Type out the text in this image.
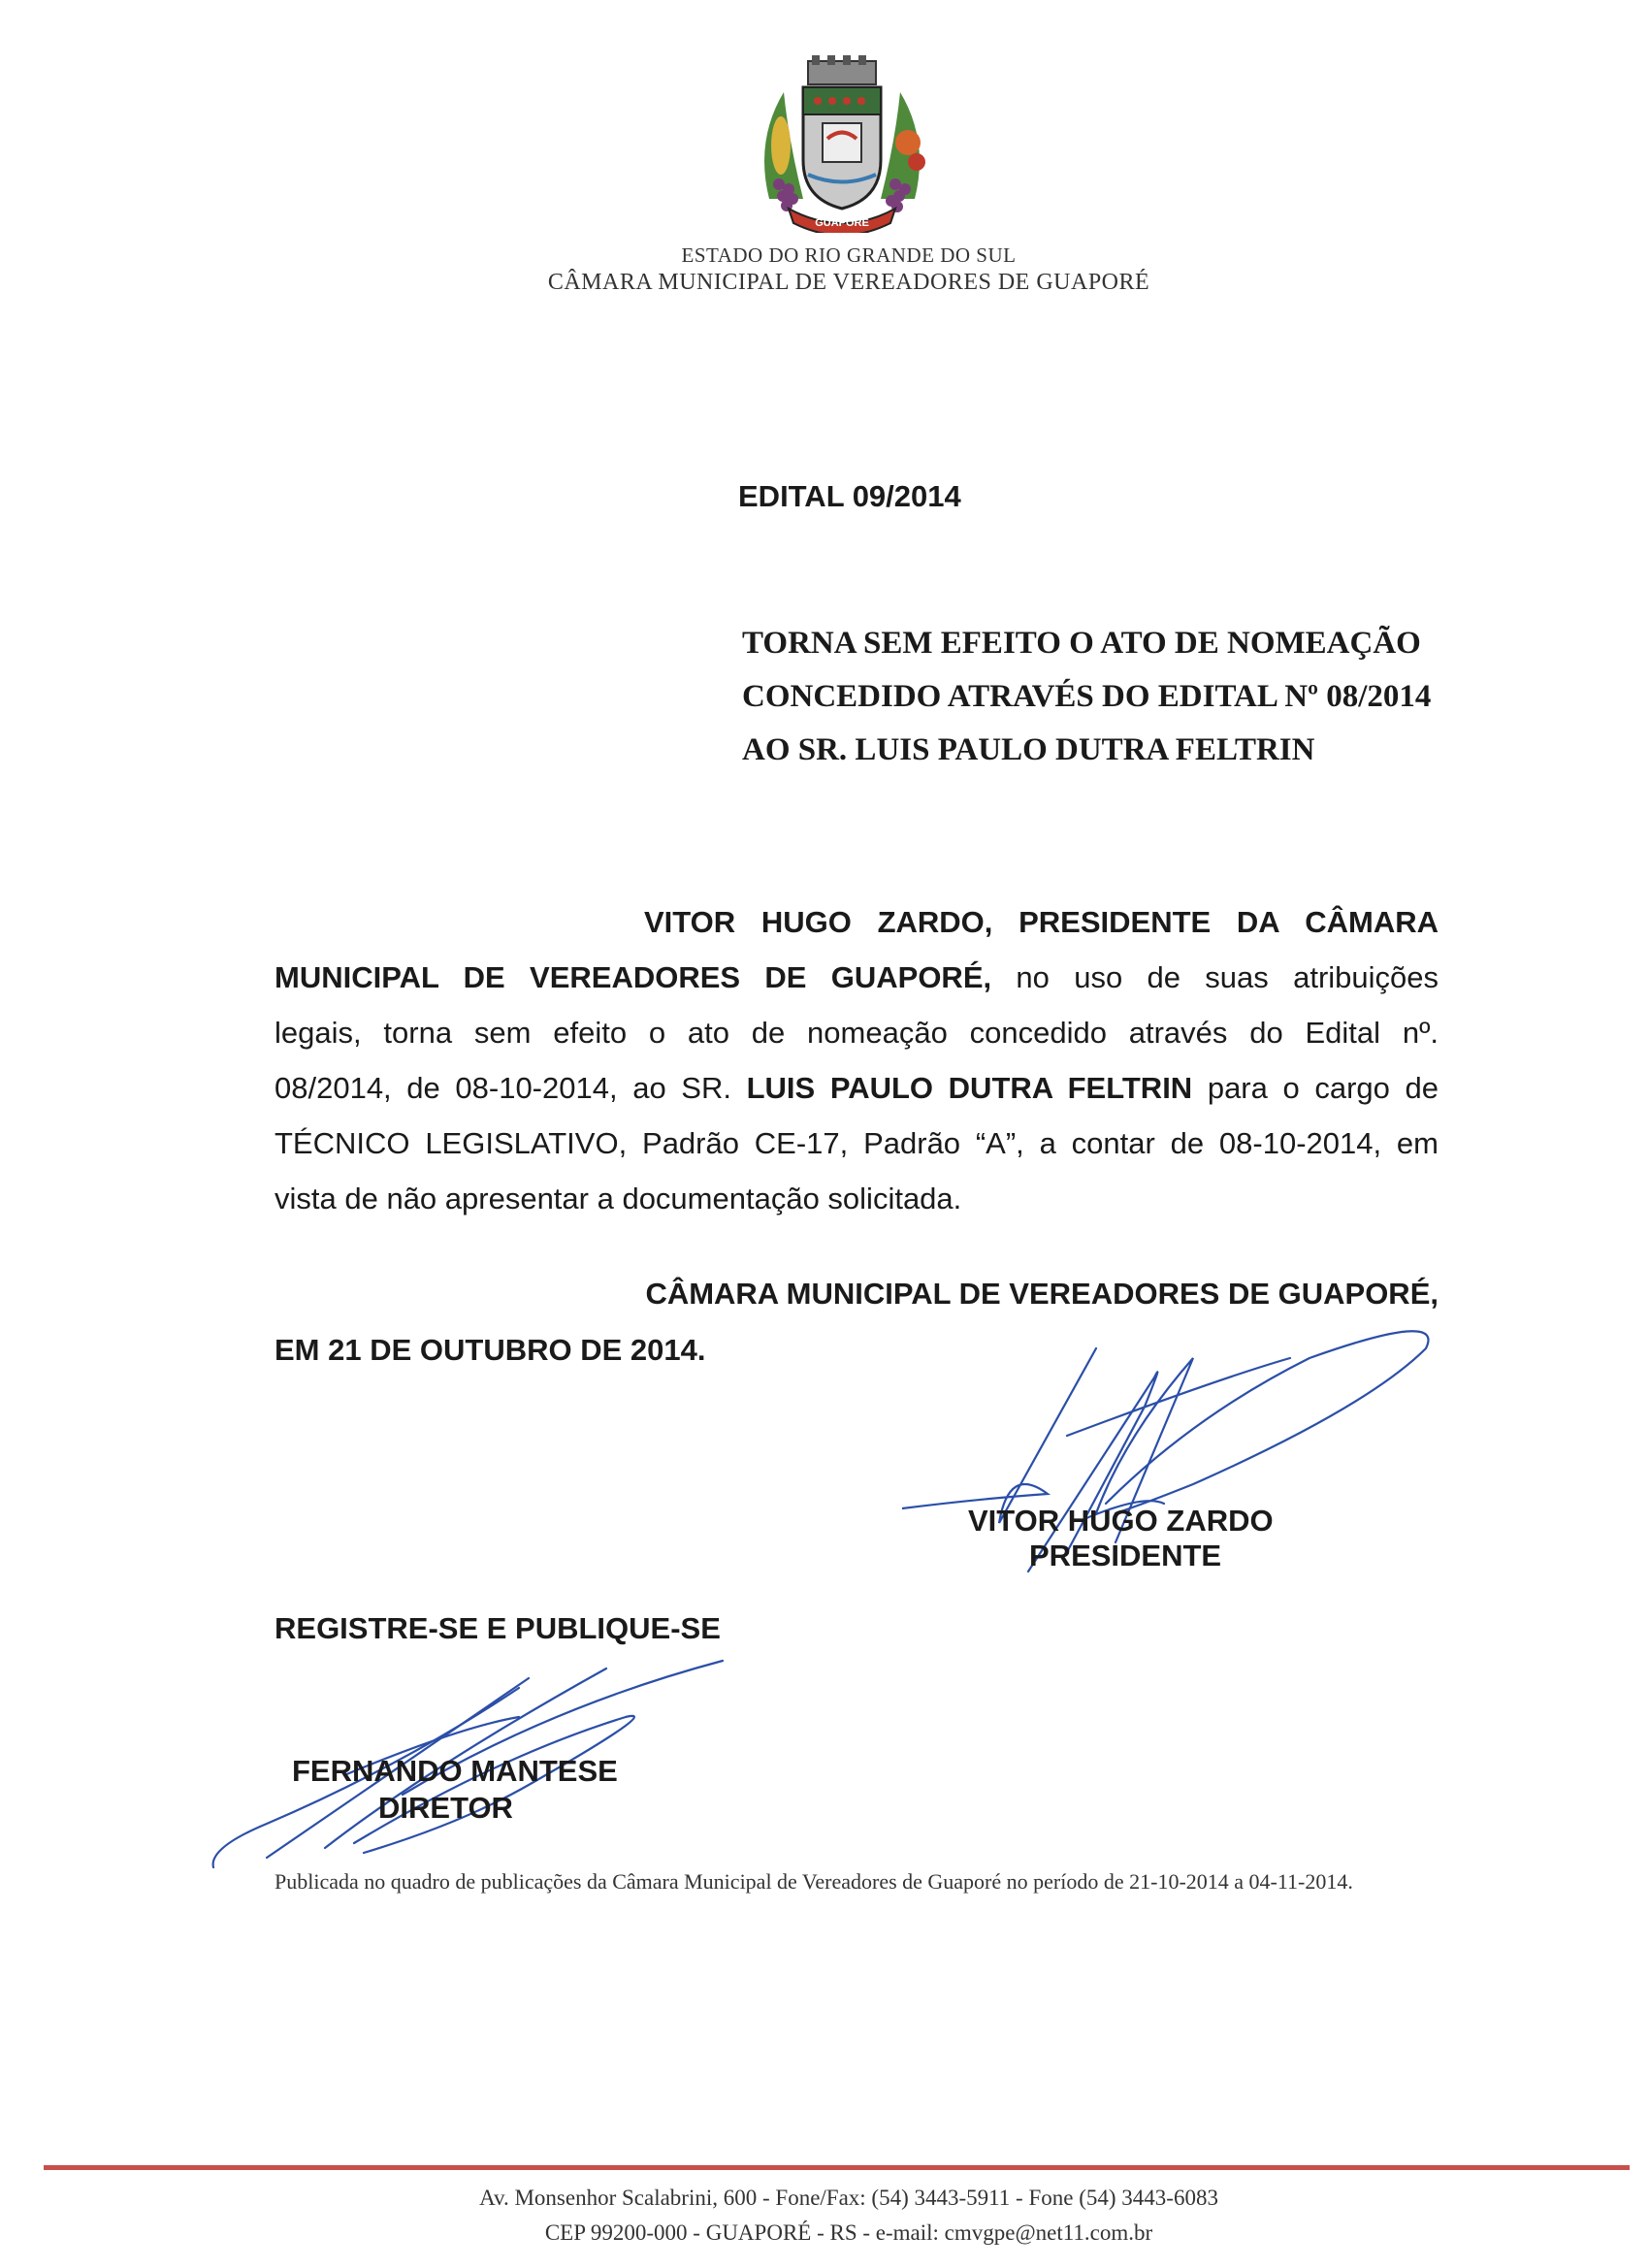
GUAPORÉ
ESTADO DO RIO GRANDE DO SUL
CÂMARA MUNICIPAL DE VEREADORES DE GUAPORÉ
EDITAL 09/2014
TORNA SEM EFEITO O ATO DE NOMEAÇÃO
CONCEDIDO ATRAVÉS DO EDITAL Nº 08/2014
AO SR. LUIS PAULO DUTRA FELTRIN
VITOR HUGO ZARDO, PRESIDENTE DA CÂMARA
MUNICIPAL DE VEREADORES DE GUAPORÉ, no uso de suas atribuições
legais, torna sem efeito o ato de nomeação concedido através do Edital nº.
08/2014, de 08-10-2014, ao SR. LUIS PAULO DUTRA FELTRIN para o cargo de
TÉCNICO LEGISLATIVO, Padrão CE-17, Padrão “A”, a contar de 08-10-2014, em
vista de não apresentar a documentação solicitada.
CÂMARA MUNICIPAL DE VEREADORES DE GUAPORÉ,
EM 21 DE OUTUBRO DE 2014.
VITOR HUGO ZARDO
PRESIDENTE
REGISTRE-SE E PUBLIQUE-SE
FERNANDO MANTESE
DIRETOR
Publicada no quadro de publicações da Câmara Municipal de Vereadores de Guaporé no período de 21-10-2014 a 04-11-2014.
Av. Monsenhor Scalabrini, 600 - Fone/Fax: (54) 3443-5911 - Fone (54) 3443-6083
CEP 99200-000 - GUAPORÉ - RS - e-mail: cmvgpe@net11.com.br
